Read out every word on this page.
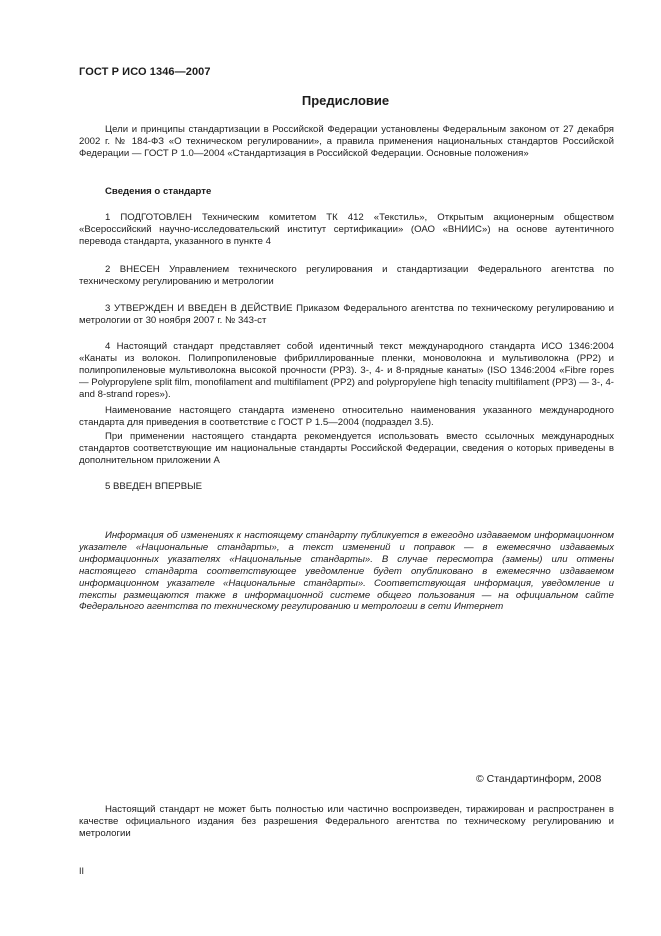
ГОСТ Р ИСО 1346—2007
Предисловие

Цели и принципы стандартизации в Российской Федерации установлены Федеральным законом от 27 декабря 2002 г. № 184-ФЗ «О техническом регулировании», а правила применения национальных стандартов Российской Федерации — ГОСТ Р 1.0—2004 «Стандартизация в Российской Федерации. Основные положения»

Сведения о стандарте

1 ПОДГОТОВЛЕН Техническим комитетом ТК 412 «Текстиль», Открытым акционерным обществом «Всероссийский научно-исследовательский институт сертификации» (ОАО «ВНИИС») на основе аутентичного перевода стандарта, указанного в пункте 4

2 ВНЕСЕН Управлением технического регулирования и стандартизации Федерального агентства по техническому регулированию и метрологии

3 УТВЕРЖДЕН И ВВЕДЕН В ДЕЙСТВИЕ Приказом Федерального агентства по техническому регулированию и метрологии от 30 ноября 2007 г. № 343-ст

4 Настоящий стандарт представляет собой идентичный текст международного стандарта ИСО 1346:2004 «Канаты из волокон. Полипропиленовые фибриллированные пленки, моноволокна и мультиволокна (PP2) и полипропиленовые мультиволокна высокой прочности (PP3). 3-, 4- и 8-прядные канаты» (ISO 1346:2004 «Fibre ropes — Polypropylene split film, monofilament and multifilament (PP2) and polypropylene high tenacity multifilament (PP3) — 3-, 4- and 8-strand ropes»).

Наименование настоящего стандарта изменено относительно наименования указанного международного стандарта для приведения в соответствие с ГОСТ Р 1.5—2004 (подраздел 3.5).

При применении настоящего стандарта рекомендуется использовать вместо ссылочных международных стандартов соответствующие им национальные стандарты Российской Федерации, сведения о которых приведены в дополнительном приложении А

5 ВВЕДЕН ВПЕРВЫЕ

Информация об изменениях к настоящему стандарту публикуется в ежегодно издаваемом информационном указателе «Национальные стандарты», а текст изменений и поправок — в ежемесячно издаваемых информационных указателях «Национальные стандарты». В случае пересмотра (замены) или отмены настоящего стандарта соответствующее уведомление будет опубликовано в ежемесячно издаваемом информационном указателе «Национальные стандарты». Соответствующая информация, уведомление и тексты размещаются также в информационной системе общего пользования — на официальном сайте Федерального агентства по техническому регулированию и метрологии в сети Интернет

© Стандартинформ, 2008

Настоящий стандарт не может быть полностью или частично воспроизведен, тиражирован и распространен в качестве официального издания без разрешения Федерального агентства по техническому регулированию и метрологии

II
